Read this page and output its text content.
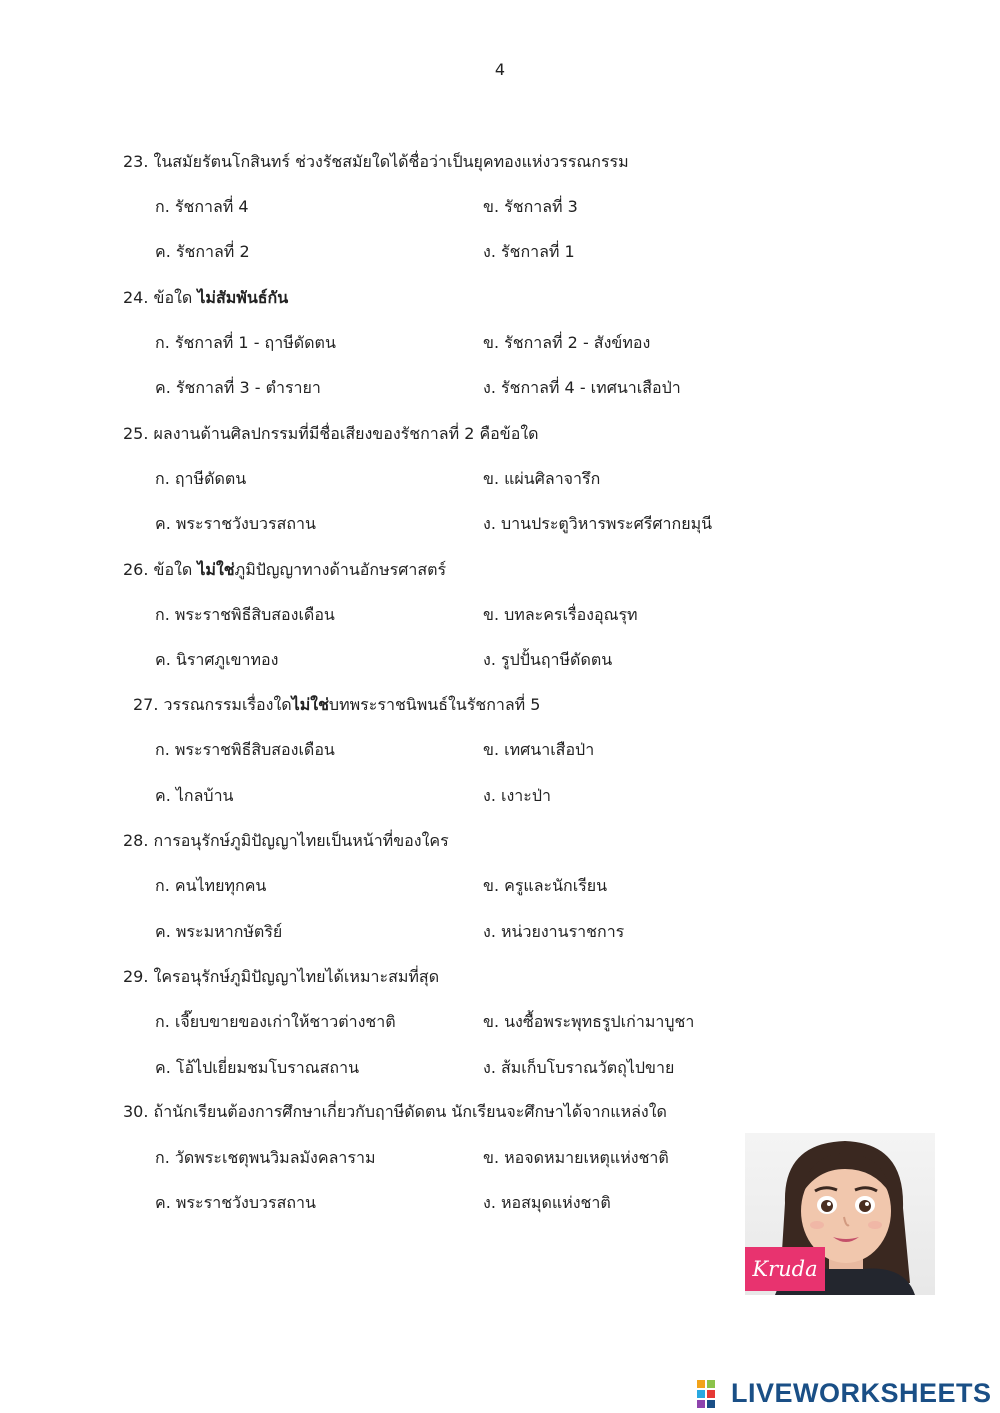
4
23. ในสมัยรัตนโกสินทร์ ช่วงรัชสมัยใดได้ชื่อว่าเป็นยุคทองแห่งวรรณกรรม
ก. รัชกาลที่ 4	ข. รัชกาลที่ 3
ค. รัชกาลที่ 2	ง. รัชกาลที่ 1
24. ข้อใด ไม่สัมพันธ์กัน
ก. รัชกาลที่ 1 - ฤาษีดัดตน	ข. รัชกาลที่ 2 - สังข์ทอง
ค. รัชกาลที่ 3 - ตำรายา	ง. รัชกาลที่ 4 - เทศนาเสือป่า
25. ผลงานด้านศิลปกรรมที่มีชื่อเสียงของรัชกาลที่ 2 คือข้อใด
ก. ฤาษีดัดตน	ข. แผ่นศิลาจารึก
ค. พระราชวังบวรสถาน	ง. บานประตูวิหารพระศรีศากยมุนี
26. ข้อใด ไม่ใช่ภูมิปัญญาทางด้านอักษรศาสตร์
ก. พระราชพิธีสิบสองเดือน	ข. บทละครเรื่องอุณรุท
ค. นิราศภูเขาทอง	ง. รูปปั้นฤาษีดัดตน
27. วรรณกรรมเรื่องใดไม่ใช่บทพระราชนิพนธ์ในรัชกาลที่ 5
ก. พระราชพิธีสิบสองเดือน	ข. เทศนาเสือป่า
ค. ไกลบ้าน	ง. เงาะป่า
28. การอนุรักษ์ภูมิปัญญาไทยเป็นหน้าที่ของใคร
ก. คนไทยทุกคน	ข. ครูและนักเรียน
ค. พระมหากษัตริย์	ง. หน่วยงานราชการ
29. ใครอนุรักษ์ภูมิปัญญาไทยได้เหมาะสมที่สุด
ก. เจี๊ยบขายของเก่าให้ชาวต่างชาติ	ข. นงซื้อพระพุทธรูปเก่ามาบูชา
ค. โอ้ไปเยี่ยมชมโบราณสถาน	ง. ส้มเก็บโบราณวัตถุไปขาย
30. ถ้านักเรียนต้องการศึกษาเกี่ยวกับฤาษีดัดตน นักเรียนจะศึกษาได้จากแหล่งใด
ก. วัดพระเชตุพนวิมลมังคลาราม	ข. หอจดหมายเหตุแห่งชาติ
ค. พระราชวังบวรสถาน	ง. หอสมุดแห่งชาติ
Kruda
LIVEWORKSHEETS
